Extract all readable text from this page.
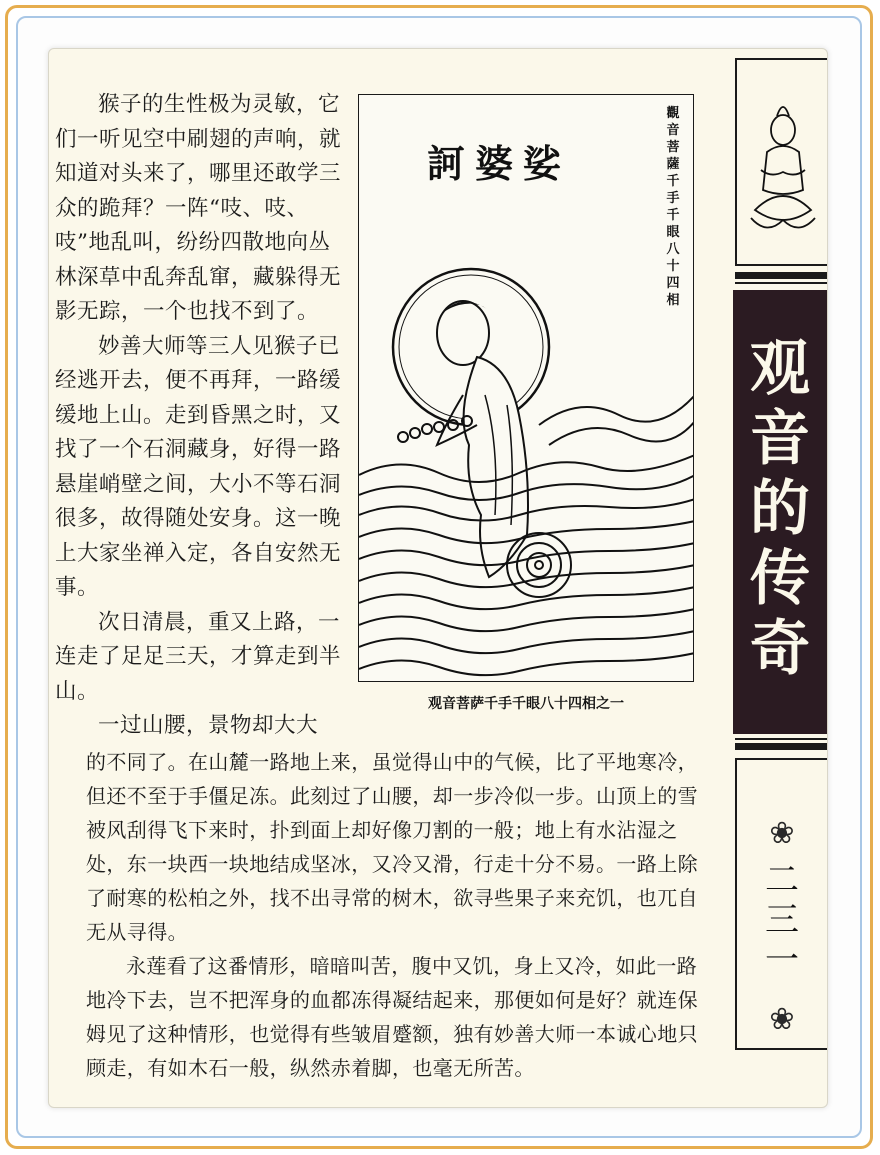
猴子的生性极为灵敏，它们一听见空中刷翅的声响，就知道对头来了，哪里还敢学三众的跪拜？一阵“吱、吱、吱”地乱叫，纷纷四散地向丛林深草中乱奔乱窜，藏躲得无影无踪，一个也找不到了。

妙善大师等三人见猴子已经逃开去，便不再拜，一路缓缓地上山。走到昏黑之时，又找了一个石洞藏身，好得一路悬崖峭壁之间，大小不等石洞很多，故得随处安身。这一晚上大家坐禅入定，各自安然无事。

次日清晨，重又上路，一连走了足足三天，才算走到半山。

一过山腰，景物却大大

的不同了。在山麓一路地上来，虽觉得山中的气候，比了平地寒冷，但还不至于手僵足冻。此刻过了山腰，却一步冷似一步。山顶上的雪被风刮得飞下来时，扑到面上却好像刀割的一般；地上有水沾湿之处，东一块西一块地结成坚冰，又冷又滑，行走十分不易。一路上除了耐寒的松柏之外，找不出寻常的树木，欲寻些果子来充饥，也兀自无从寻得。

永莲看了这番情形，暗暗叫苦，腹中又饥，身上又冷，如此一路地冷下去，岂不把浑身的血都冻得凝结起来，那便如何是好？就连保姆见了这种情形，也觉得有些皱眉蹙额，独有妙善大师一本诚心地只顾走，有如木石一般，纵然赤着脚，也毫无所苦。

訶婆娑
觀音菩薩千手千眼八十四相
观音菩萨千手千眼八十四相之一
观音的传奇
❀
二三一
❀
